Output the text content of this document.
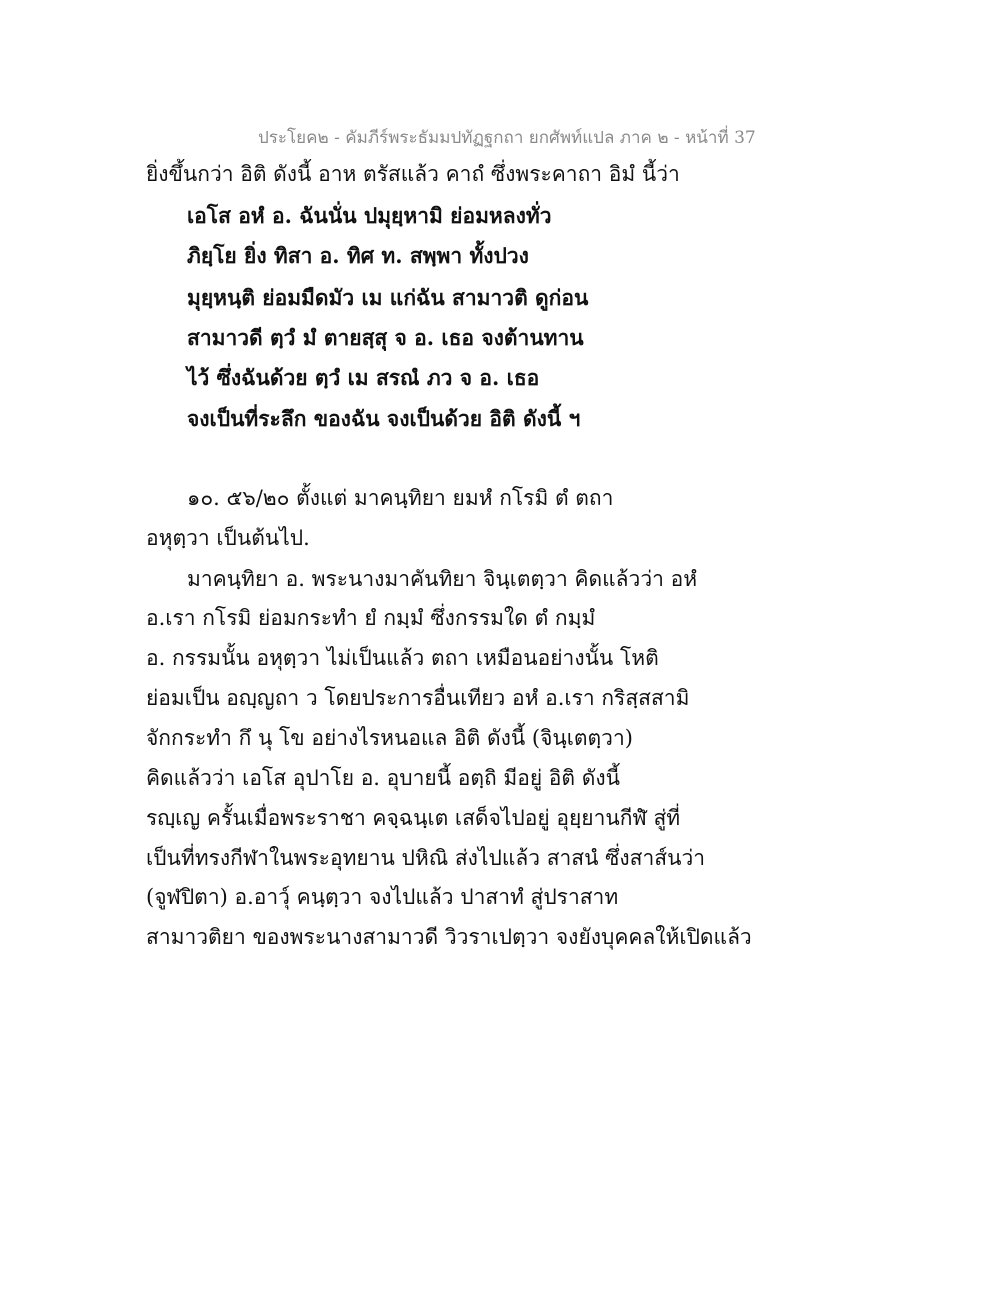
ประโยค๒ - คัมภีร์พระธัมมปทัฏฐกถา ยกศัพท์แปล ภาค ๒ - หน้าที่ 37
ยิ่งขึ้นกว่า อิติ ดังนี้ อาห ตรัสแล้ว คาถํ ซึ่งพระคาถา อิมํ นี้ว่า
เอโส อหํ อ. ฉันนั่น ปมุยฺหามิ ย่อมหลงทั่ว
ภิยฺโย ยิ่ง ทิสา อ. ทิศ ท. สพฺพา ทั้งปวง
มุยฺหนฺติ ย่อมมืดมัว เม แก่ฉัน สามาวติ ดูก่อน
สามาวดี ตฺวํ มํ ตายสฺสุ จ อ. เธอ จงต้านทาน
ไว้ ซึ่งฉันด้วย ตฺวํ เม สรณํ ภว จ อ. เธอ
จงเป็นที่ระลึก ของฉัน จงเป็นด้วย อิติ ดังนี้ ฯ
๑๐. ๕๖/๒๐ ตั้งแต่ มาคนฺทิยา ยมหํ กโรมิ ตํ ตถา
อหุตฺวา เป็นต้นไป.
มาคนฺทิยา อ. พระนางมาคันทิยา จินฺเตตฺวา คิดแล้วว่า อหํ
อ.เรา กโรมิ ย่อมกระทำ ยํ กมฺมํ ซึ่งกรรมใด ตํ กมฺมํ
อ. กรรมนั้น อหุตฺวา ไม่เป็นแล้ว ตถา เหมือนอย่างนั้น โหติ
ย่อมเป็น อญฺญถา ว โดยประการอื่นเทียว อหํ อ.เรา กริสฺสสามิ
จักกระทำ กึ นุ โข อย่างไรหนอแล อิติ ดังนี้ (จินฺเตตฺวา)
คิดแล้วว่า เอโส อุปาโย อ. อุบายนี้ อตฺถิ มีอยู่ อิติ ดังนี้
รญฺเญ ครั้นเมื่อพระราชา คจฺฉนฺเต เสด็จไปอยู่ อุยฺยานกีฬํ สู่ที่
เป็นที่ทรงกีฬาในพระอุทยาน ปหิณิ ส่งไปแล้ว สาสนํ ซึ่งสาส์นว่า
(จูฬปิตา) อ.อาวุ์ คนฺตฺวา จงไปแล้ว ปาสาทํ สู่ปราสาท
สามาวติยา ของพระนางสามาวดี วิวราเปตฺวา จงยังบุคคลให้เปิดแล้ว
